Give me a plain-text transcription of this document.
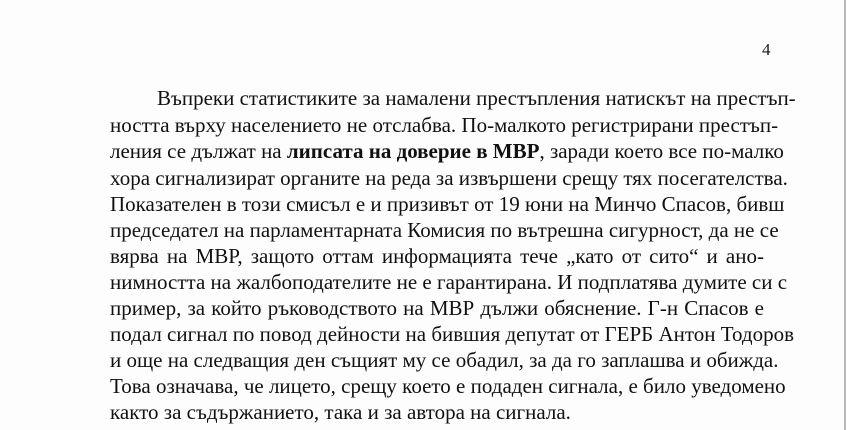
4
Въпреки статистиките за намалени престъпления натискът на престъп-
ността върху населението не отслабва. По-малкото регистрирани престъп-
ления се дължат на липсата на доверие в МВР, заради което все по-малко
хора сигнализират органите на реда за извършени срещу тях посегателства.
Показателен в този смисъл е и призивът от 19 юни на Минчо Спасов, бивш
председател на парламентарната Комисия по вътрешна сигурност, да не се
вярва на МВР, защото оттам информацията тече „като от сито“ и ано-
нимността на жалбоподателите не е гарантирана. И подплатява думите си с
пример, за който ръководството на МВР дължи обяснение. Г-н Спасов е
подал сигнал по повод дейности на бившия депутат от ГЕРБ Антон Тодоров
и още на следващия ден същият му се обадил, за да го заплашва и обижда.
Това означава, че лицето, срещу което е подаден сигнала, е било уведомено
както за съдържанието, така и за автора на сигнала.
